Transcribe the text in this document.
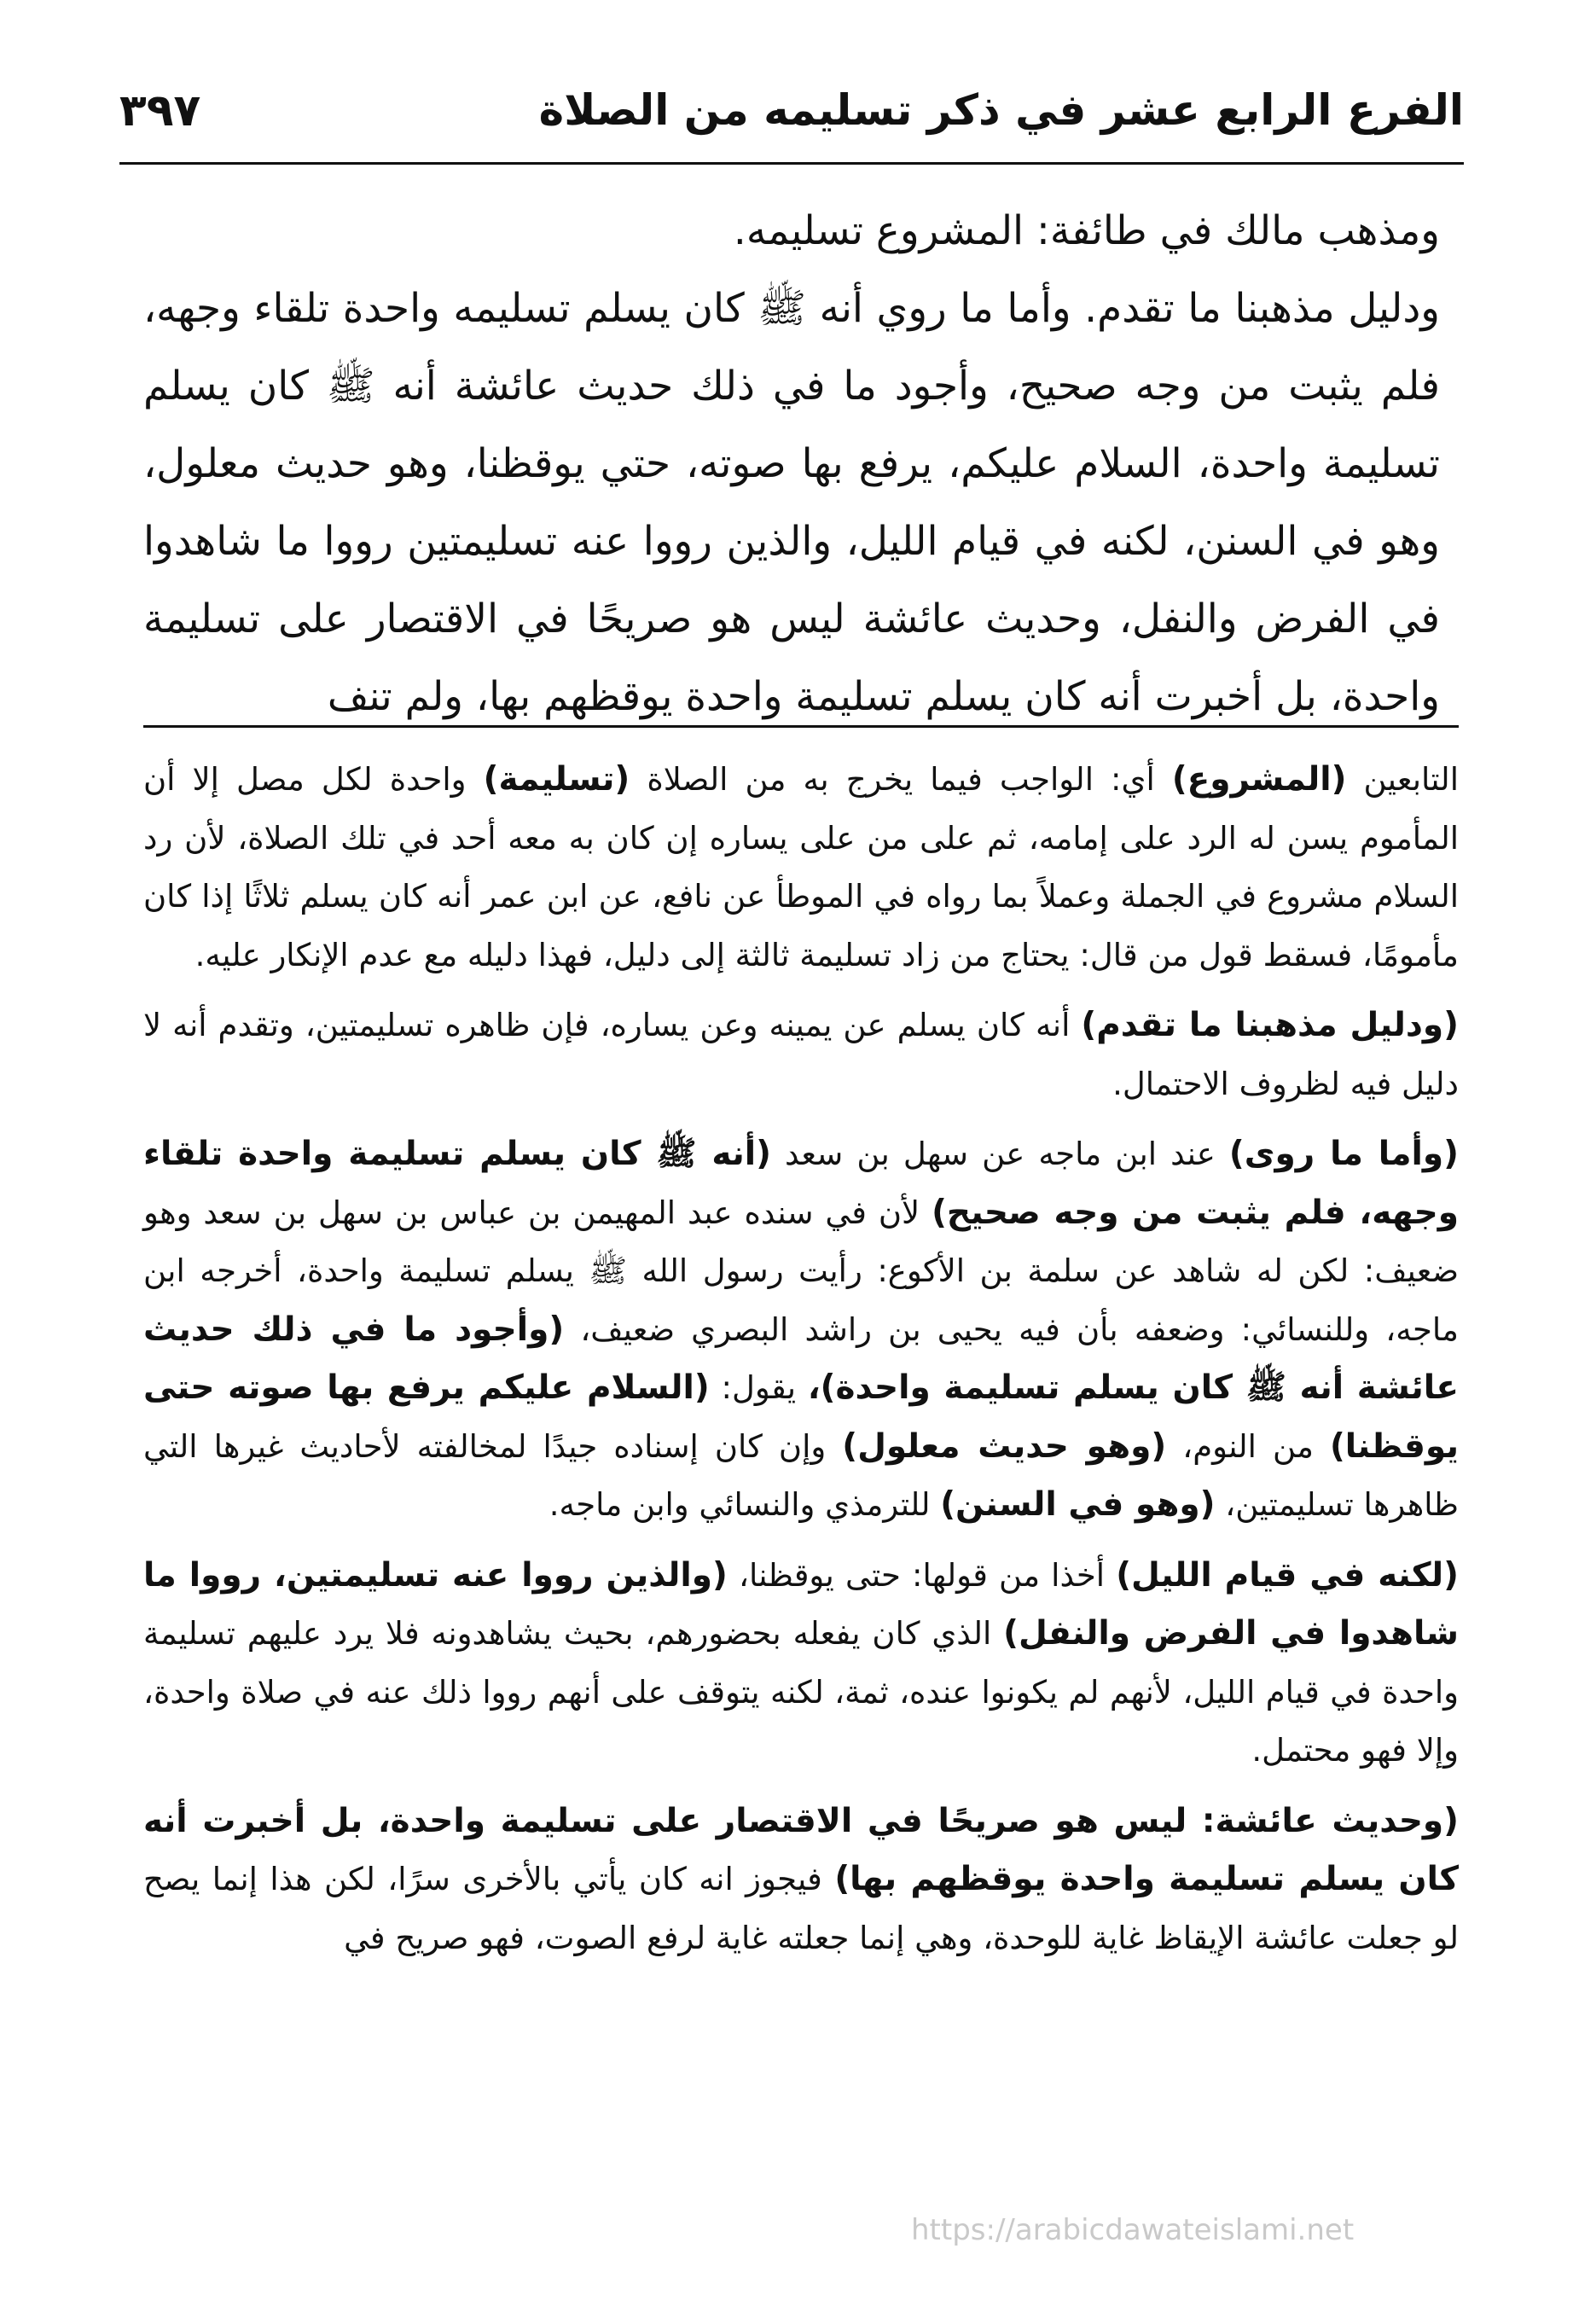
الفرع الرابع عشر في ذكر تسليمه من الصلاة
٣٩٧

ومذهب مالك في طائفة: المشروع تسليمه.

ودليل مذهبنا ما تقدم. وأما ما روي أنه ﷺ كان يسلم تسليمه واحدة تلقاء وجهه، فلم يثبت من وجه صحيح، وأجود ما في ذلك حديث عائشة أنه ﷺ كان يسلم تسليمة واحدة، السلام عليكم، يرفع بها صوته، حتي يوقظنا، وهو حديث معلول، وهو في السنن، لكنه في قيام الليل، والذين رووا عنه تسليمتين رووا ما شاهدوا في الفرض والنفل، وحديث عائشة ليس هو صريحًا في الاقتصار على تسليمة واحدة، بل أخبرت أنه كان يسلم تسليمة واحدة يوقظهم بها، ولم تنف

التابعين (المشروع) أي: الواجب فيما يخرج به من الصلاة (تسليمة) واحدة لكل مصل إلا أن المأموم يسن له الرد على إمامه، ثم على من على يساره إن كان به معه أحد في تلك الصلاة، لأن رد السلام مشروع في الجملة وعملاً بما رواه في الموطأ عن نافع، عن ابن عمر أنه كان يسلم ثلاثًا إذا كان مأمومًا، فسقط قول من قال: يحتاج من زاد تسليمة ثالثة إلى دليل، فهذا دليله مع عدم الإنكار عليه.

(ودليل مذهبنا ما تقدم) أنه كان يسلم عن يمينه وعن يساره، فإن ظاهره تسليمتين، وتقدم أنه لا دليل فيه لظروف الاحتمال.

(وأما ما روى) عند ابن ماجه عن سهل بن سعد (أنه ﷺ كان يسلم تسليمة واحدة تلقاء وجهه، فلم يثبت من وجه صحيح) لأن في سنده عبد المهيمن بن عباس بن سهل بن سعد وهو ضعيف: لكن له شاهد عن سلمة بن الأكوع: رأيت رسول الله ﷺ يسلم تسليمة واحدة، أخرجه ابن ماجه، وللنسائي: وضعفه بأن فيه يحيى بن راشد البصري ضعيف، (وأجود ما في ذلك حديث عائشة أنه ﷺ كان يسلم تسليمة واحدة)، يقول: (السلام عليكم يرفع بها صوته حتى يوقظنا) من النوم، (وهو حديث معلول) وإن كان إسناده جيدًا لمخالفته لأحاديث غيرها التي ظاهرها تسليمتين، (وهو في السنن) للترمذي والنسائي وابن ماجه.

(لكنه في قيام الليل) أخذا من قولها: حتى يوقظنا، (والذين رووا عنه تسليمتين، رووا ما شاهدوا في الفرض والنفل) الذي كان يفعله بحضورهم، بحيث يشاهدونه فلا يرد عليهم تسليمة واحدة في قيام الليل، لأنهم لم يكونوا عنده، ثمة، لكنه يتوقف على أنهم رووا ذلك عنه في صلاة واحدة، وإلا فهو محتمل.

(وحديث عائشة: ليس هو صريحًا في الاقتصار على تسليمة واحدة، بل أخبرت أنه كان يسلم تسليمة واحدة يوقظهم بها) فيجوز انه كان يأتي بالأخرى سرًا، لكن هذا إنما يصح لو جعلت عائشة الإيقاظ غاية للوحدة، وهي إنما جعلته غاية لرفع الصوت، فهو صريح في

https://arabicdawateislami.net
